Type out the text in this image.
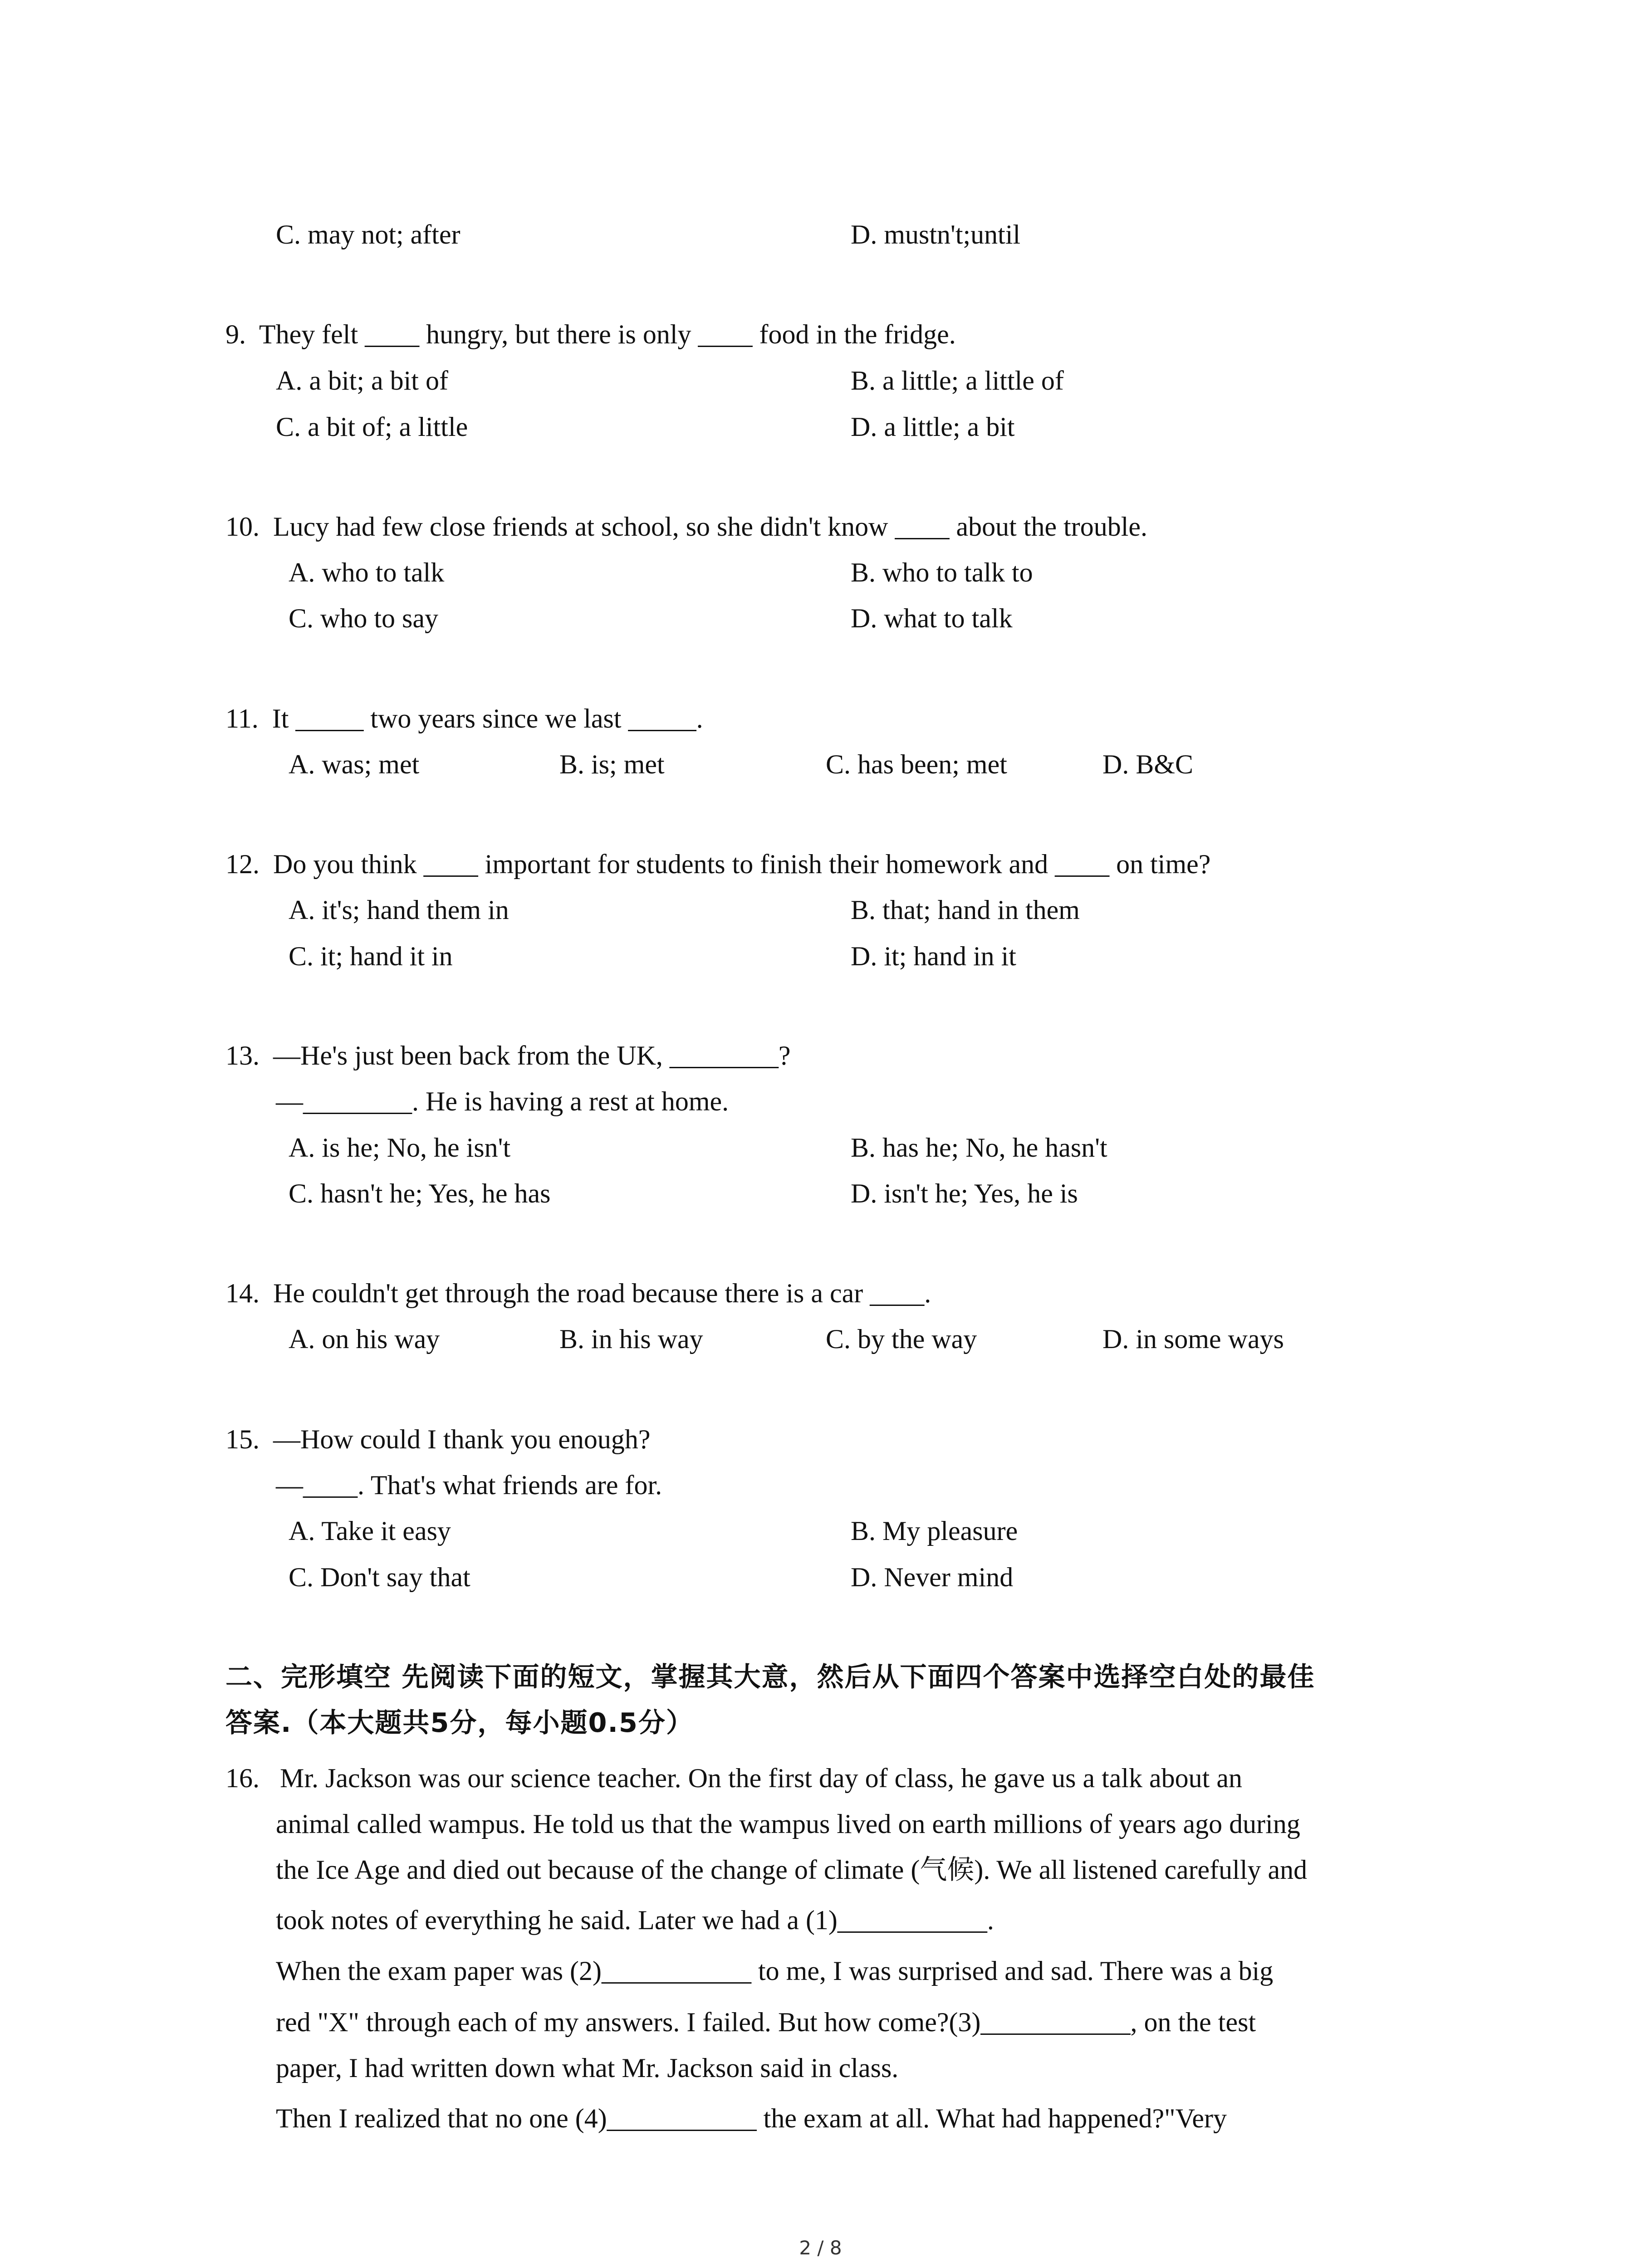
C. may not; after	D. mustn't;until
9.  They felt ____ hungry, but there is only ____ food in the fridge.
A. a bit; a bit of	B. a little; a little of
C. a bit of; a little	D. a little; a bit
10.  Lucy had few close friends at school, so she didn't know ____ about the trouble.
A. who to talk	B. who to talk to
C. who to say	D. what to talk
11.  It _____ two years since we last _____.
A. was; met	B. is; met	C. has been; met	D. B&C
12.  Do you think ____ important for students to finish their homework and ____ on time?
A. it's; hand them in	B. that; hand in them
C. it; hand it in	D. it; hand in it
13.  —He's just been back from the UK, ________?
—________. He is having a rest at home.
A. is he; No, he isn't	B. has he; No, he hasn't
C. hasn't he; Yes, he has	D. isn't he; Yes, he is
14.  He couldn't get through the road because there is a car ____.
A. on his way	B. in his way	C. by the way	D. in some ways
15.  —How could I thank you enough?
—____. That's what friends are for.
A. Take it easy	B. My pleasure
C. Don't say that	D. Never mind
二、完形填空 先阅读下面的短文，掌握其大意，然后从下面四个答案中选择空白处的最佳
答案.（本大题共5分，每小题0.5分）
16.   Mr. Jackson was our science teacher. On the first day of class, he gave us a talk about an
animal called wampus. He told us that the wampus lived on earth millions of years ago during
the Ice Age and died out because of the change of climate (气候). We all listened carefully and
took notes of everything he said. Later we had a (1)___________.
When the exam paper was (2)___________ to me, I was surprised and sad. There was a big
red "X" through each of my answers. I failed. But how come?(3)___________, on the test
paper, I had written down what Mr. Jackson said in class.
Then I realized that no one (4)___________ the exam at all. What had happened?"Very
2 / 8
